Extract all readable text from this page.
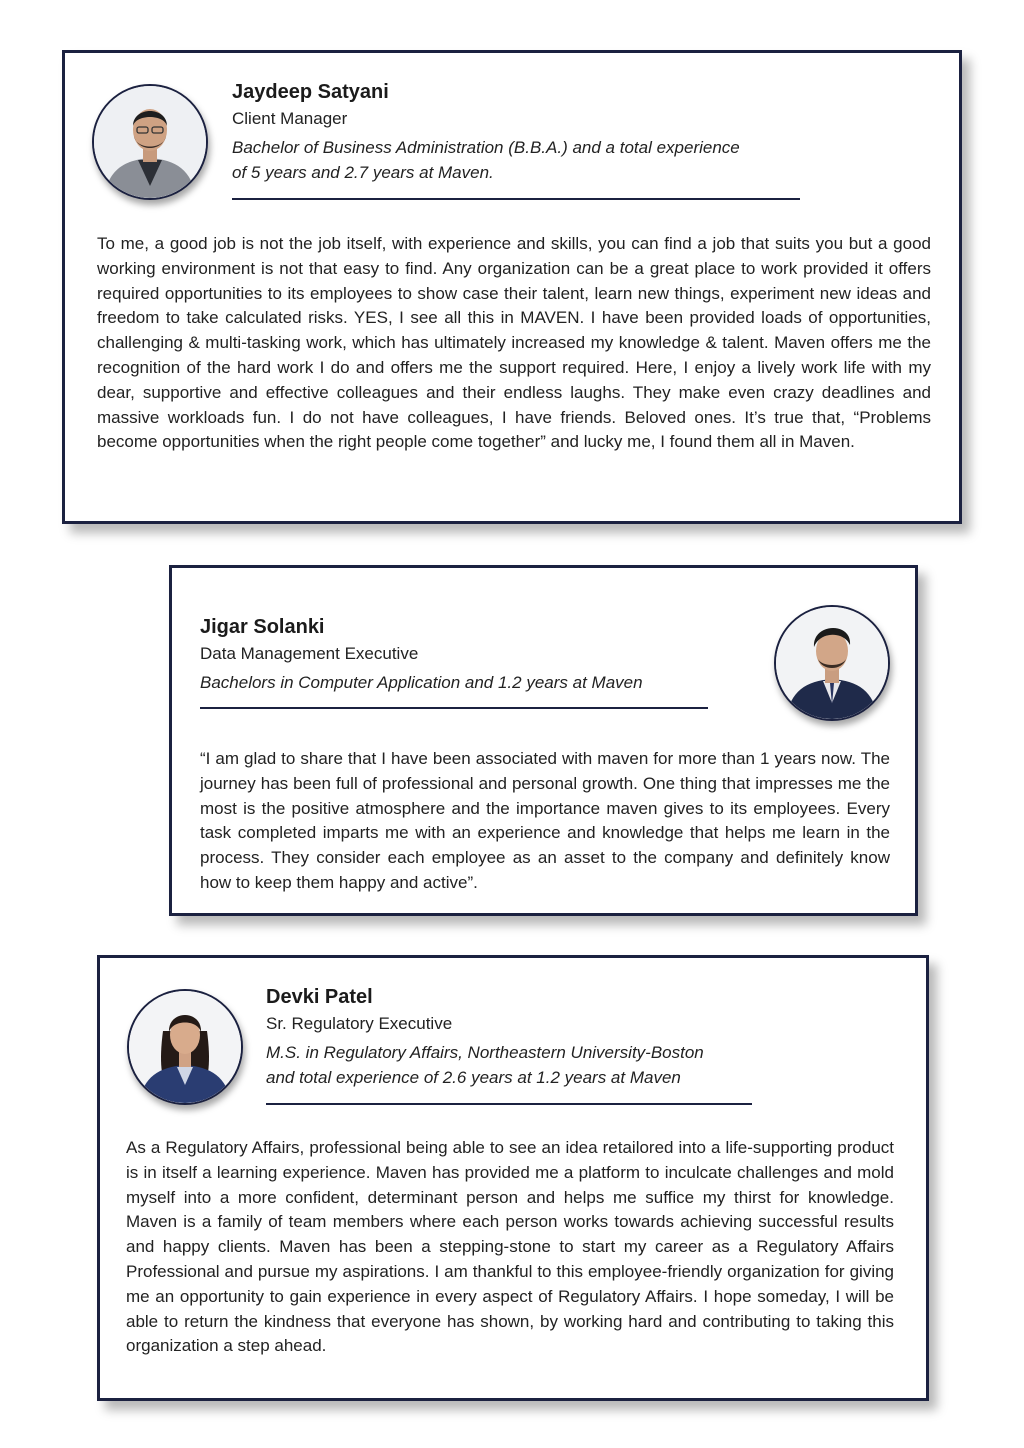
Jaydeep Satyani
Client Manager
Bachelor of Business Administration (B.B.A.) and a total experience
of 5 years and 2.7 years at Maven.

To me, a good job is not the job itself, with experience and skills, you can find a job that suits you but a good working environment is not that easy to find. Any organization can be a great place to work provided it offers required opportunities to its employees to show case their talent, learn new things, experiment new ideas and freedom to take calculated risks. YES, I see all this in MAVEN. I have been provided loads of opportunities, challenging & multi-tasking work, which has ultimately increased my knowledge & talent. Maven offers me the recognition of the hard work I do and offers me the support required. Here, I enjoy a lively work life with my dear, supportive and effective colleagues and their endless laughs. They make even crazy deadlines and massive workloads fun. I do not have colleagues, I have friends. Beloved ones. It’s true that, “Problems become opportunities when the right people come together” and lucky me, I found them all in Maven.

Jigar Solanki
Data Management Executive
Bachelors in Computer Application and 1.2 years at Maven

“I am glad to share that I have been associated with maven for more than 1 years now. The journey has been full of professional and personal growth. One thing that impresses me the most is the positive atmosphere and the importance maven gives to its employees. Every task completed imparts me with an experience and knowledge that helps me learn in the process. They consider each employee as an asset to the company and definitely know how to keep them happy and active”.

Devki Patel
Sr. Regulatory Executive
M.S. in Regulatory Affairs, Northeastern University-Boston
and total experience of 2.6 years at 1.2 years at Maven

As a Regulatory Affairs, professional being able to see an idea retailored into a life-supporting product is in itself a learning experience. Maven has provided me a platform to inculcate challenges and mold myself into a more confident, determinant person and helps me suffice my thirst for knowledge. Maven is a family of team members where each person works towards achieving successful results and happy clients. Maven has been a stepping-stone to start my career as a Regulatory Affairs Professional and pursue my aspirations. I am thankful to this employee-friendly organization for giving me an opportunity to gain experience in every aspect of Regulatory Affairs. I hope someday, I will be able to return the kindness that everyone has shown, by working hard and contributing to taking this organization a step ahead.
